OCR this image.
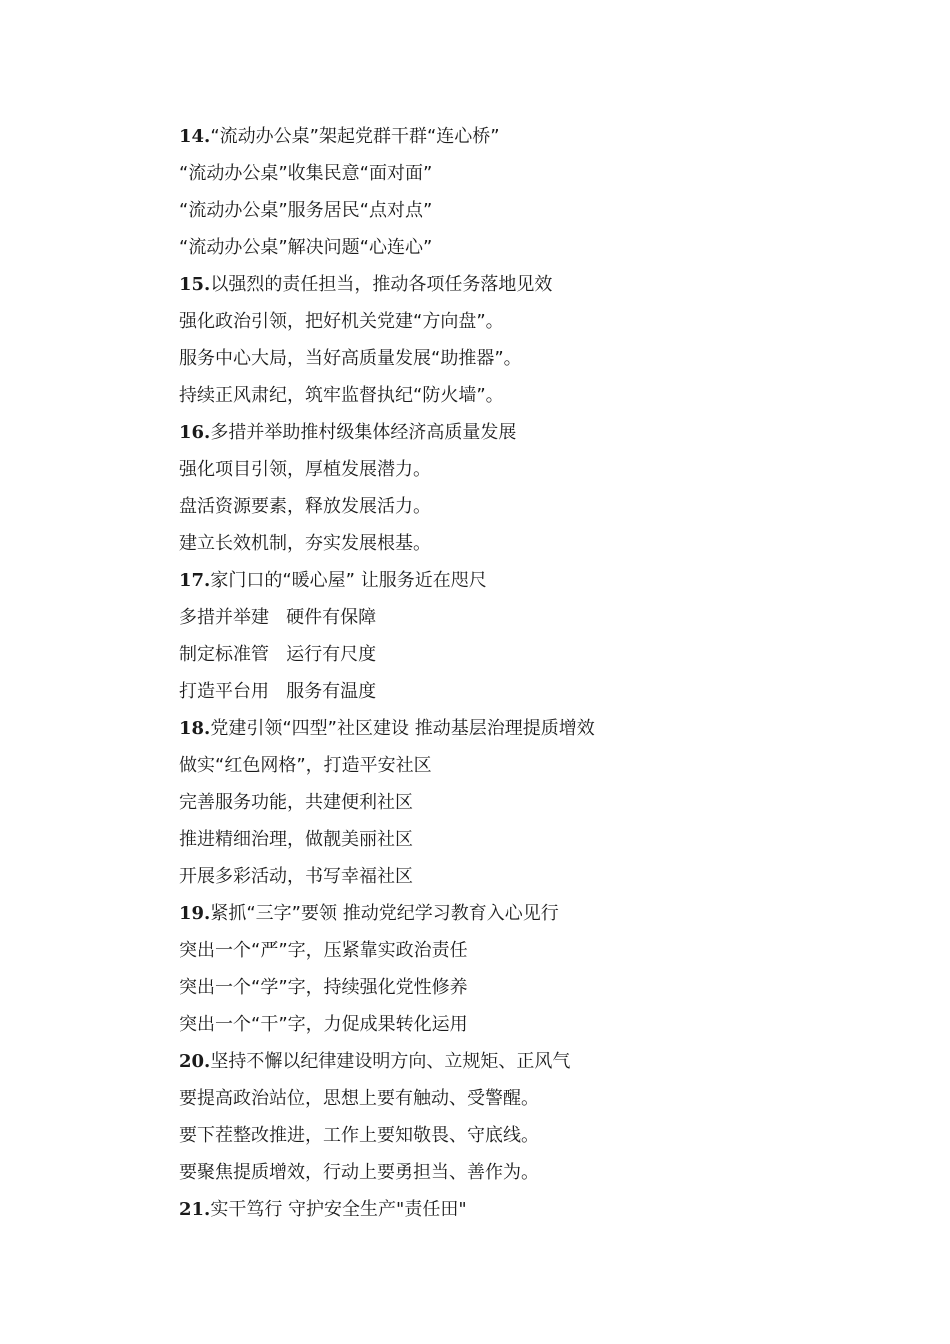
14.“流动办公桌”架起党群干群“连心桥”
“流动办公桌”收集民意“面对面”
“流动办公桌”服务居民“点对点”
“流动办公桌”解决问题“心连心”
15.以强烈的责任担当，推动各项任务落地见效
强化政治引领，把好机关党建“方向盘”。
服务中心大局，当好高质量发展“助推器”。
持续正风肃纪，筑牢监督执纪“防火墙”。
16.多措并举助推村级集体经济高质量发展
强化项目引领，厚植发展潜力。
盘活资源要素，释放发展活力。
建立长效机制，夯实发展根基。
17.家门口的“暖心屋” 让服务近在咫尺
多措并举建   硬件有保障
制定标准管   运行有尺度
打造平台用   服务有温度
18.党建引领“四型”社区建设 推动基层治理提质增效
做实“红色网格”，打造平安社区
完善服务功能，共建便利社区
推进精细治理，做靓美丽社区
开展多彩活动，书写幸福社区
19.紧抓“三字”要领 推动党纪学习教育入心见行
突出一个“严”字，压紧靠实政治责任
突出一个“学”字，持续强化党性修养
突出一个“干”字，力促成果转化运用
20.坚持不懈以纪律建设明方向、立规矩、正风气
要提高政治站位，思想上要有触动、受警醒。
要下茬整改推进，工作上要知敬畏、守底线。
要聚焦提质增效，行动上要勇担当、善作为。
21.实干笃行 守护安全生产"责任田"
